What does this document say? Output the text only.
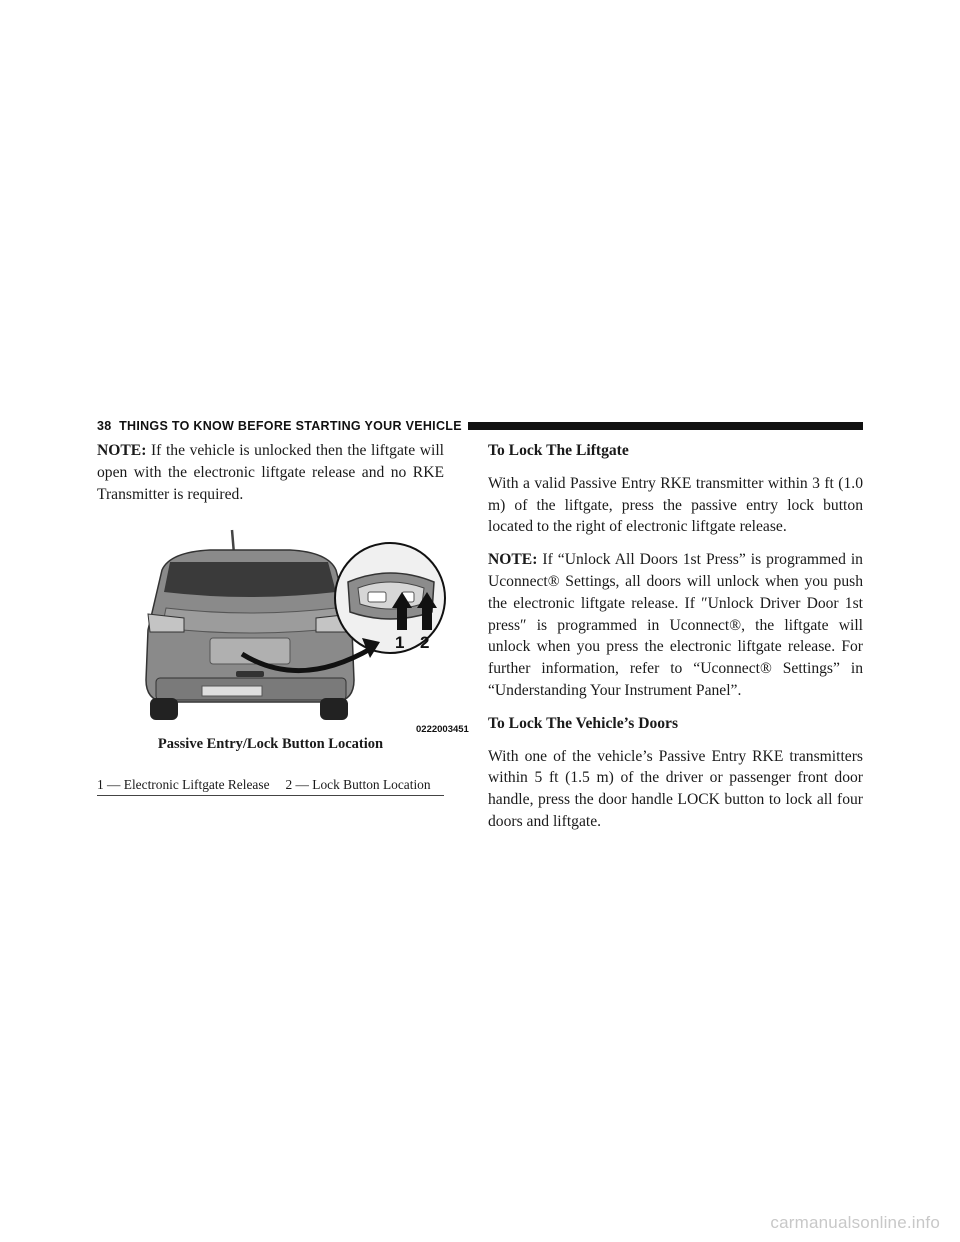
38 THINGS TO KNOW BEFORE STARTING YOUR VEHICLE

NOTE: If the vehicle is unlocked then the liftgate will open with the electronic liftgate release and no RKE Transmitter is required.

1 2
0222003451
Passive Entry/Lock Button Location
1 — Electronic Liftgate Release 2 — Lock Button Location

To Lock The Liftgate

With a valid Passive Entry RKE transmitter within 3 ft (1.0 m) of the liftgate, press the passive entry lock button located to the right of electronic liftgate release.

NOTE: If “Unlock All Doors 1st Press” is programmed in Uconnect® Settings, all doors will unlock when you push the electronic liftgate release. If ″Unlock Driver Door 1st press″ is programmed in Uconnect®, the liftgate will unlock when you press the electronic liftgate release. For further information, refer to “Uconnect® Settings” in “Understanding Your Instrument Panel”.

To Lock The Vehicle’s Doors

With one of the vehicle’s Passive Entry RKE transmitters within 5 ft (1.5 m) of the driver or passenger front door handle, press the door handle LOCK button to lock all four doors and liftgate.

carmanualsonline.info
